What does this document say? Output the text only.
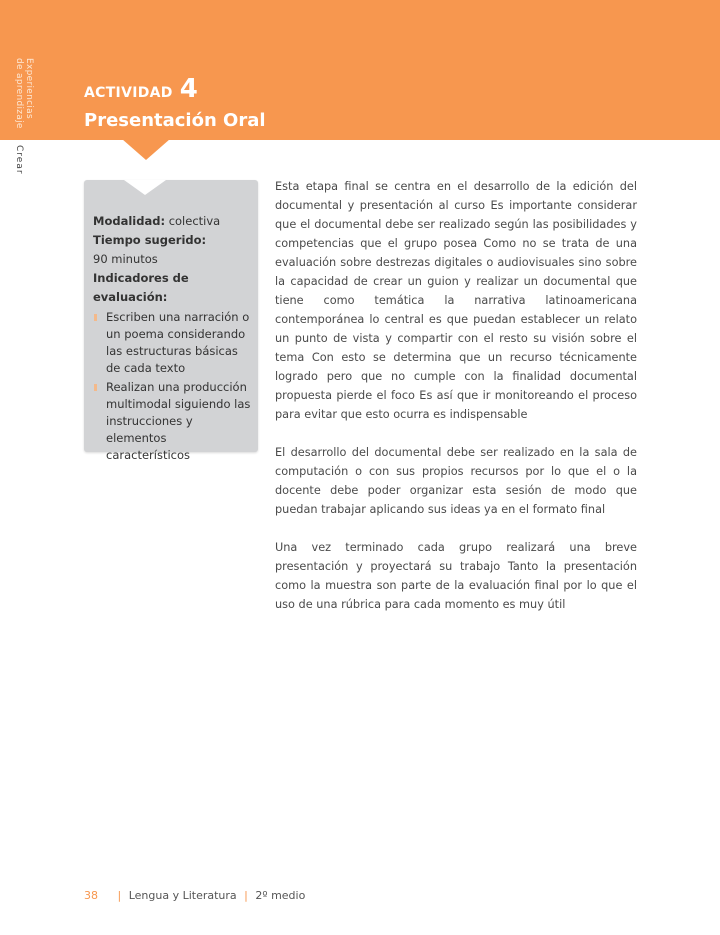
Experiencias
de aprendizaje
Crear
ACTIVIDAD 4
Presentación Oral
Modalidad: colectiva
Tiempo sugerido:
90 minutos
Indicadores de evaluación:
Escriben una narración o un poema considerando las estructuras básicas de cada texto
Realizan una producción multimodal siguiendo las instrucciones y elementos característicos

Esta etapa final se centra en el desarrollo de la edición del documental y presentación al curso Es importante considerar que el documental debe ser realizado según las posibilidades y competencias que el grupo posea Como no se trata de una evaluación sobre destrezas digitales o audiovisuales sino sobre la capacidad de crear un guion y realizar un documental que tiene como temática la narrativa latinoamericana contemporánea lo central es que puedan establecer un relato un punto de vista y compartir con el resto su visión sobre el tema Con esto se determina que un recurso técnicamente logrado pero que no cumple con la finalidad documental propuesta pierde el foco Es así que ir monitoreando el proceso para evitar que esto ocurra es indispensable

El desarrollo del documental debe ser realizado en la sala de computación o con sus propios recursos por lo que el o la docente debe poder organizar esta sesión de modo que puedan trabajar aplicando sus ideas ya en el formato final

Una vez terminado cada grupo realizará una breve presentación y proyectará su trabajo Tanto la presentación como la muestra son parte de la evaluación final por lo que el uso de una rúbrica para cada momento es muy útil

38 | Lengua y Literatura | 2º medio
